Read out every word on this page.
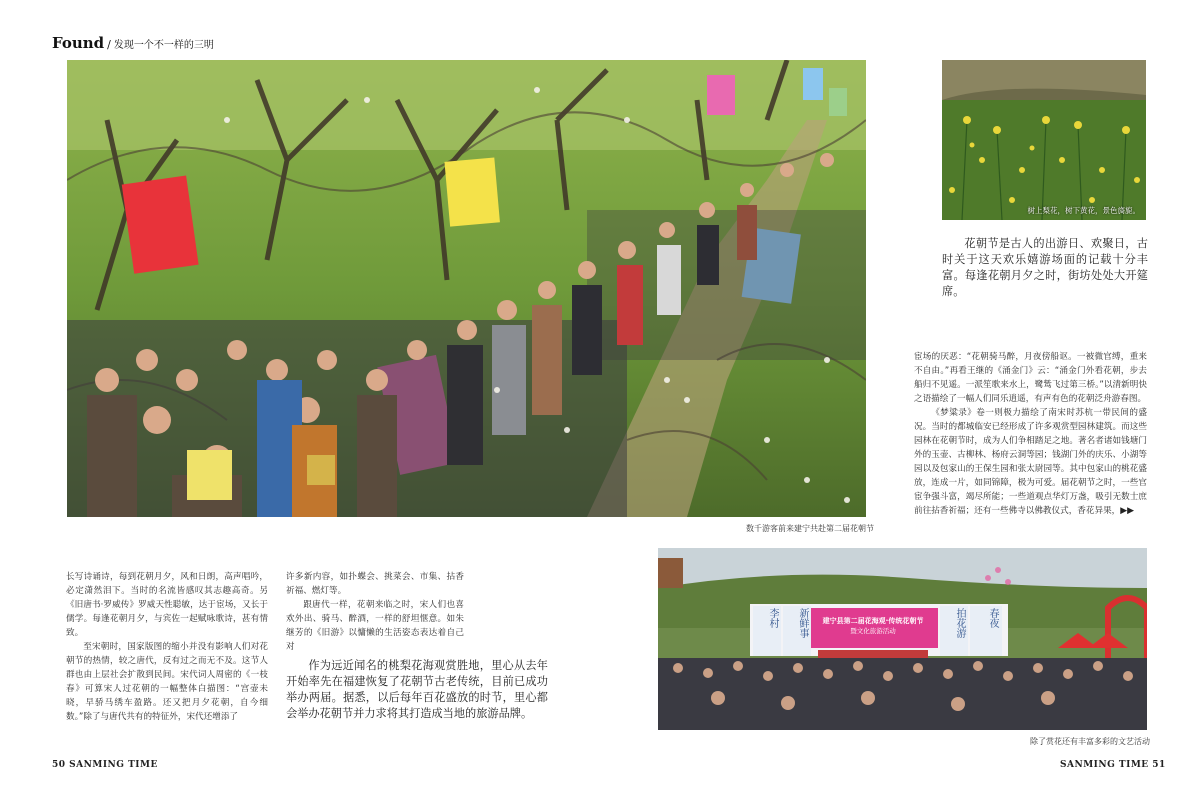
Found / 发现一个不一样的三明
数千游客前来建宁共赴第二届花朝节
树上梨花，树下黄花，景色旖旎。

花朝节是古人的出游日、欢聚日，古时关于这天欢乐嬉游场面的记载十分丰富。每逢花朝月夕之时，街坊处处大开筵席。

宦场的厌恶：“花朝骑马醉，月夜傍船讴。一被微官缚，重来不自由。”再看王继的《涌金门》云：“涌金门外看花朝，步去船归不见遥。一派笙歌来水上，鹭鸶飞过第三桥。”以清新明快之语描绘了一幅人们同乐逍遥，有声有色的花朝泛舟游春图。

《梦粱录》卷一则极力描绘了南宋时苏杭一带民间的盛况。当时的都城临安已经形成了许多观赏型园林建筑。而这些园林在花朝节时，成为人们争相踏足之地。著名者诸如钱塘门外的玉壶、古柳林、杨府云洞等园；钱湖门外的庆乐、小湖等园以及包家山的王保生园和张太尉园等。其中包家山的桃花盛放，连成一片，如同锦障，极为可爱。届花朝节之时，一些官宦争强斗富，竭尽所能；一些道观点华灯万盏，吸引无数士庶前往拈香祈福；还有一些佛寺以佛教仪式，香花异果，▶▶

长写诗诵诗，每到花朝月夕，风和日朗，高声唱吟，必定潇然泪下。当时的名流皆感叹其志趣高奇。另《旧唐书·罗威传》罗威天性聪敏，达于宦场，又长于儒学。每逢花朝月夕，与宾佐一起赋咏歌诗，甚有情致。

至宋朝时，国家版图的缩小并没有影响人们对花朝节的热情，较之唐代，反有过之而无不及。这节人群也由上层社会扩散到民间。宋代词人周密的《一枝春》可算宋人过花朝的一幅整体白描图：“宫壶未晓，早骄马绣车盈路。还又把月夕花朝，自今细数。”除了与唐代共有的特征外，宋代还增添了

许多新内容，如扑蝶会、挑菜会、市集、拈香祈福、燃灯等。

跟唐代一样，花朝来临之时，宋人们也喜欢外出、骑马、醉酒，一样的舒坦惬意。如朱继芳的《旧游》以慵懒的生活姿态表达着自己对

作为远近闻名的桃梨花海观赏胜地，里心从去年开始率先在福建恢复了花朝节古老传统，目前已成功举办两届。据悉，以后每年百花盛放的时节，里心都会举办花朝节并力求将其打造成当地的旅游品牌。

建宁县第二届花海观·传统花朝节
暨文化旅游活动
李村	新鲜事	拍花游	春夜
除了赏花还有丰富多彩的文艺活动
50 SANMING TIME	SANMING TIME 51
